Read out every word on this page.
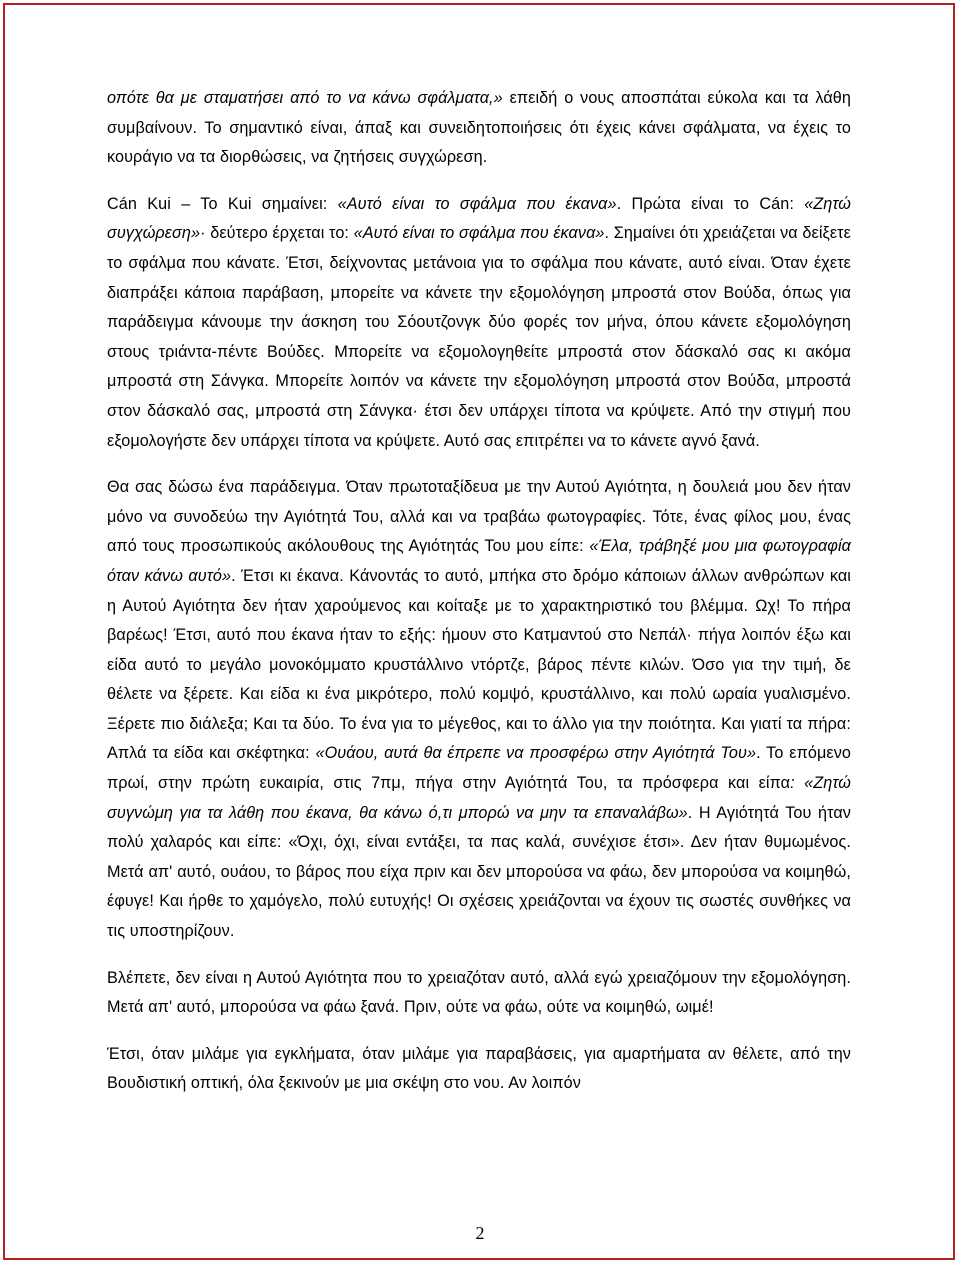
οπότε θα με σταματήσει από το να κάνω σφάλματα,» επειδή ο νους αποσπάται εύκολα και τα λάθη συμβαίνουν. Το σημαντικό είναι, άπαξ και συνειδητοποιήσεις ότι έχεις κάνει σφάλματα, να έχεις το κουράγιο να τα διορθώσεις, να ζητήσεις συγχώρεση.

Cán Kui – To Kui σημαίνει: «Αυτό είναι το σφάλμα που έκανα». Πρώτα είναι το Cán: «Ζητώ συγχώρεση»· δεύτερο έρχεται το: «Αυτό είναι το σφάλμα που έκανα». Σημαίνει ότι χρειάζεται να δείξετε το σφάλμα που κάνατε. Έτσι, δείχνοντας μετάνοια για το σφάλμα που κάνατε, αυτό είναι. Όταν έχετε διαπράξει κάποια παράβαση, μπορείτε να κάνετε την εξομολόγηση μπροστά στον Βούδα, όπως για παράδειγμα κάνουμε την άσκηση του Σόουτζονγκ δύο φορές τον μήνα, όπου κάνετε εξομολόγηση στους τριάντα-πέντε Βούδες. Μπορείτε να εξομολογηθείτε μπροστά στον δάσκαλό σας κι ακόμα μπροστά στη Σάνγκα. Μπορείτε λοιπόν να κάνετε την εξομολόγηση μπροστά στον Βούδα, μπροστά στον δάσκαλό σας, μπροστά στη Σάνγκα· έτσι δεν υπάρχει τίποτα να κρύψετε. Από την στιγμή που εξομολογήστε δεν υπάρχει τίποτα να κρύψετε. Αυτό σας επιτρέπει να το κάνετε αγνό ξανά.

Θα σας δώσω ένα παράδειγμα. Όταν πρωτοταξίδευα με την Αυτού Αγιότητα, η δουλειά μου δεν ήταν μόνο να συνοδεύω την Αγιότητά Του, αλλά και να τραβάω φωτογραφίες. Τότε, ένας φίλος μου, ένας από τους προσωπικούς ακόλουθους της Αγιότητάς Του μου είπε: «Έλα, τράβηξέ μου μια φωτογραφία όταν κάνω αυτό». Έτσι κι έκανα. Κάνοντάς το αυτό, μπήκα στο δρόμο κάποιων άλλων ανθρώπων και η Αυτού Αγιότητα δεν ήταν χαρούμενος και κοίταξε με το χαρακτηριστικό του βλέμμα. Ωχ! Το πήρα βαρέως! Έτσι, αυτό που έκανα ήταν το εξής: ήμουν στο Κατμαντού στο Νεπάλ· πήγα λοιπόν έξω και είδα αυτό το μεγάλο μονοκόμματο κρυστάλλινο ντόρτζε, βάρος πέντε κιλών. Όσο για την τιμή, δε θέλετε να ξέρετε. Και είδα κι ένα μικρότερο, πολύ κομψό, κρυστάλλινο, και πολύ ωραία γυαλισμένο. Ξέρετε πιο διάλεξα; Και τα δύο. Το ένα για το μέγεθος, και το άλλο για την ποιότητα. Και γιατί τα πήρα: Απλά τα είδα και σκέφτηκα: «Ουάου, αυτά θα έπρεπε να προσφέρω στην Αγιότητά Του». Το επόμενο πρωί, στην πρώτη ευκαιρία, στις 7πμ, πήγα στην Αγιότητά Του, τα πρόσφερα και είπα: «Ζητώ συγνώμη για τα λάθη που έκανα, θα κάνω ό,τι μπορώ να μην τα επαναλάβω». Η Αγιότητά Του ήταν πολύ χαλαρός και είπε: «Όχι, όχι, είναι εντάξει, τα πας καλά, συνέχισε έτσι». Δεν ήταν θυμωμένος. Μετά απ' αυτό, ουάου, το βάρος που είχα πριν και δεν μπορούσα να φάω, δεν μπορούσα να κοιμηθώ, έφυγε! Και ήρθε το χαμόγελο, πολύ ευτυχής! Οι σχέσεις χρειάζονται να έχουν τις σωστές συνθήκες να τις υποστηρίζουν.

Βλέπετε, δεν είναι η Αυτού Αγιότητα που το χρειαζόταν αυτό, αλλά εγώ χρειαζόμουν την εξομολόγηση. Μετά απ' αυτό, μπορούσα να φάω ξανά. Πριν, ούτε να φάω, ούτε να κοιμηθώ, ωιμέ!

Έτσι, όταν μιλάμε για εγκλήματα, όταν μιλάμε για παραβάσεις, για αμαρτήματα αν θέλετε, από την Βουδιστική οπτική, όλα ξεκινούν με μια σκέψη στο νου. Αν λοιπόν

2
